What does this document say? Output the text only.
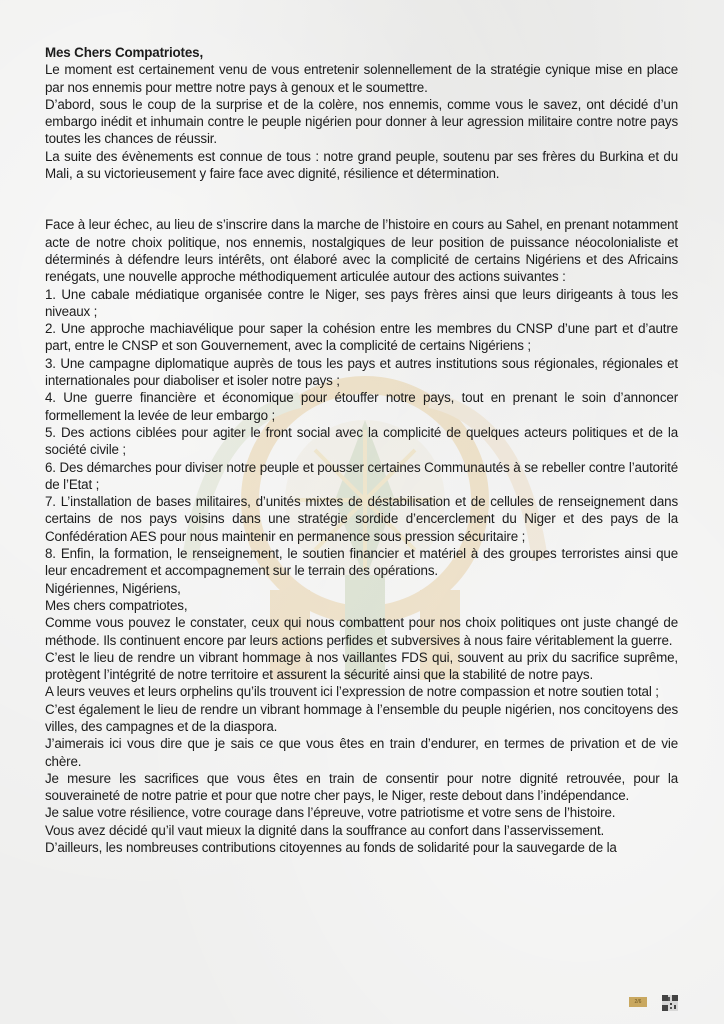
Mes Chers Compatriotes,

Le moment est certainement venu de vous entretenir solennellement de la stratégie cynique mise en place par nos ennemis pour mettre notre pays à genoux et le soumettre.

D’abord, sous le coup de la surprise et de la colère, nos ennemis, comme vous le savez, ont décidé d’un embargo inédit et inhumain contre le peuple nigérien pour donner à leur agression militaire contre notre pays toutes les chances de réussir.

La suite des évènements est connue de tous : notre grand peuple, soutenu par ses frères du Burkina et du Mali, a su victorieusement y faire face avec dignité, résilience et détermination.

Face à leur échec, au lieu de s’inscrire dans la marche de l’histoire en cours au Sahel, en prenant notamment acte de notre choix politique, nos ennemis, nostalgiques de leur position de puissance néocolonialiste et déterminés à défendre leurs intérêts, ont élaboré avec la complicité de certains Nigériens et des Africains renégats, une nouvelle approche méthodiquement articulée autour des actions suivantes :

1. Une cabale médiatique organisée contre le Niger, ses pays frères ainsi que leurs dirigeants à tous les niveaux ;

2. Une approche machiavélique pour saper la cohésion entre les membres du CNSP d’une part et d’autre part, entre le CNSP et son Gouvernement, avec la complicité de certains Nigériens ;

3. Une campagne diplomatique auprès de tous les pays et autres institutions sous régionales, régionales et internationales pour diaboliser et isoler notre pays ;

4. Une guerre financière et économique pour étouffer notre pays, tout en prenant le soin d’annoncer formellement la levée de leur embargo ;

5. Des actions ciblées pour agiter le front social avec la complicité de quelques acteurs politiques et de la société civile ;

6. Des démarches pour diviser notre peuple et pousser certaines Communautés à se rebeller contre l’autorité de l’Etat ;

7. L’installation de bases militaires, d’unités mixtes de déstabilisation et de cellules de renseignement dans certains de nos pays voisins dans une stratégie sordide d’encerclement du Niger et des pays de la Confédération AES pour nous maintenir en permanence sous pression sécuritaire ;

8. Enfin, la formation, le renseignement, le soutien financier et matériel à des groupes terroristes ainsi que leur encadrement et accompagnement sur le terrain des opérations.

Nigériennes, Nigériens,

Mes chers compatriotes,

Comme vous pouvez le constater, ceux qui nous combattent pour nos choix politiques ont juste changé de méthode. Ils continuent encore par leurs actions perfides et subversives à nous faire véritablement la guerre.

C’est le lieu de rendre un vibrant hommage à nos vaillantes FDS qui, souvent au prix du sacrifice suprême, protègent l’intégrité de notre territoire et assurent la sécurité ainsi que la stabilité de notre pays.

A leurs veuves et leurs orphelins qu’ils trouvent ici l’expression de notre compassion et notre soutien total ;

C’est également le lieu de rendre un vibrant hommage à l’ensemble du peuple nigérien, nos concitoyens des villes, des campagnes et de la diaspora.

J’aimerais ici vous dire que je sais ce que vous êtes en train d’endurer, en termes de privation et de vie chère.

Je mesure les sacrifices que vous êtes en train de consentir pour notre dignité retrouvée, pour la souveraineté de notre patrie et pour que notre cher pays, le Niger, reste debout dans l’indépendance.

Je salue votre résilience, votre courage dans l’épreuve, votre patriotisme et votre sens de l’histoire.

Vous avez décidé qu’il vaut mieux la dignité dans la souffrance au confort dans l’asservissement.

D’ailleurs, les nombreuses contributions citoyennes au fonds de solidarité pour la sauvegarde de la

2/6
